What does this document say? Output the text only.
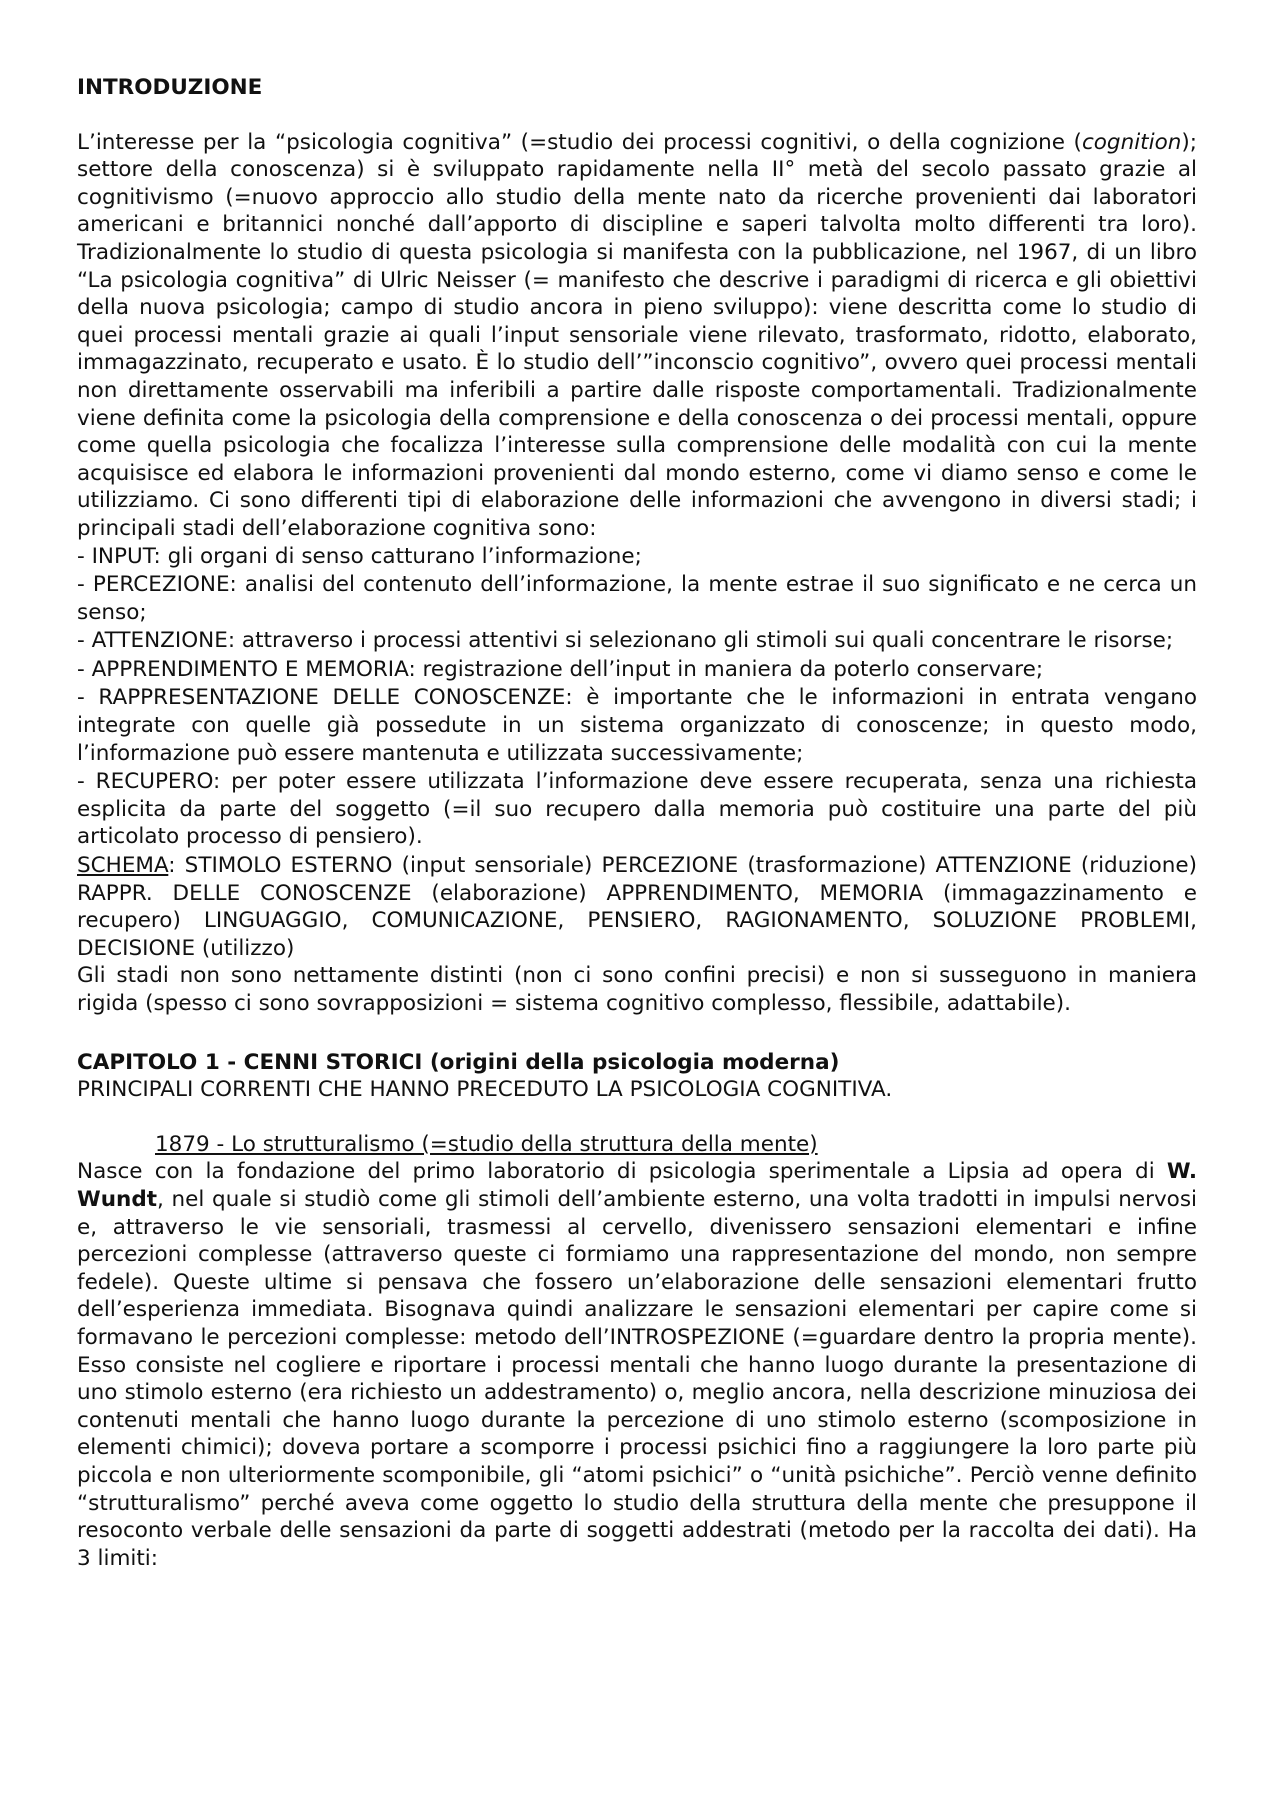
INTRODUZIONE

L’interesse per la “psicologia cognitiva” (=studio dei processi cognitivi, o della cognizione (cognition); settore della conoscenza) si è sviluppato rapidamente nella II° metà del secolo passato grazie al cognitivismo (=nuovo approccio allo studio della mente nato da ricerche provenienti dai laboratori americani e britannici nonché dall’apporto di discipline e saperi talvolta molto differenti tra loro). Tradizionalmente lo studio di questa psicologia si manifesta con la pubblicazione, nel 1967, di un libro “La psicologia cognitiva” di Ulric Neisser (= manifesto che descrive i paradigmi di ricerca e gli obiettivi della nuova psicologia; campo di studio ancora in pieno sviluppo): viene descritta come lo studio di quei processi mentali grazie ai quali l’input sensoriale viene rilevato, trasformato, ridotto, elaborato, immagazzinato, recuperato e usato. È lo studio dell’”inconscio cognitivo”, ovvero quei processi mentali non direttamente osservabili ma inferibili a partire dalle risposte comportamentali. Tradizionalmente viene definita come la psicologia della comprensione e della conoscenza o dei processi mentali, oppure come quella psicologia che focalizza l’interesse sulla comprensione delle modalità con cui la mente acquisisce ed elabora le informazioni provenienti dal mondo esterno, come vi diamo senso e come le utilizziamo. Ci sono differenti tipi di elaborazione delle informazioni che avvengono in diversi stadi; i principali stadi dell’elaborazione cognitiva sono:

- INPUT: gli organi di senso catturano l’informazione;

- PERCEZIONE: analisi del contenuto dell’informazione, la mente estrae il suo significato e ne cerca un senso;

- ATTENZIONE: attraverso i processi attentivi si selezionano gli stimoli sui quali concentrare le risorse;

- APPRENDIMENTO E MEMORIA: registrazione dell’input in maniera da poterlo conservare;

- RAPPRESENTAZIONE DELLE CONOSCENZE: è importante che le informazioni in entrata vengano integrate con quelle già possedute in un sistema organizzato di conoscenze; in questo modo, l’informazione può essere mantenuta e utilizzata successivamente;

- RECUPERO: per poter essere utilizzata l’informazione deve essere recuperata, senza una richiesta esplicita da parte del soggetto (=il suo recupero dalla memoria può costituire una parte del più articolato processo di pensiero).

SCHEMA: STIMOLO ESTERNO (input sensoriale) PERCEZIONE (trasformazione) ATTENZIONE (riduzione) RAPPR. DELLE CONOSCENZE (elaborazione) APPRENDIMENTO, MEMORIA (immagazzinamento e recupero) LINGUAGGIO, COMUNICAZIONE, PENSIERO, RAGIONAMENTO, SOLUZIONE PROBLEMI, DECISIONE (utilizzo)

Gli stadi non sono nettamente distinti (non ci sono confini precisi) e non si susseguono in maniera rigida (spesso ci sono sovrapposizioni = sistema cognitivo complesso, flessibile, adattabile).

CAPITOLO 1 - CENNI STORICI (origini della psicologia moderna)

PRINCIPALI CORRENTI CHE HANNO PRECEDUTO LA PSICOLOGIA COGNITIVA.

1879 - Lo strutturalismo (=studio della struttura della mente)

Nasce con la fondazione del primo laboratorio di psicologia sperimentale a Lipsia ad opera di W. Wundt, nel quale si studiò come gli stimoli dell’ambiente esterno, una volta tradotti in impulsi nervosi e, attraverso le vie sensoriali, trasmessi al cervello, divenissero sensazioni elementari e infine percezioni complesse (attraverso queste ci formiamo una rappresentazione del mondo, non sempre fedele). Queste ultime si pensava che fossero un’elaborazione delle sensazioni elementari frutto dell’esperienza immediata. Bisognava quindi analizzare le sensazioni elementari per capire come si formavano le percezioni complesse: metodo dell’INTROSPEZIONE (=guardare dentro la propria mente). Esso consiste nel cogliere e riportare i processi mentali che hanno luogo durante la presentazione di uno stimolo esterno (era richiesto un addestramento) o, meglio ancora, nella descrizione minuziosa dei contenuti mentali che hanno luogo durante la percezione di uno stimolo esterno (scomposizione in elementi chimici); doveva portare a scomporre i processi psichici fino a raggiungere la loro parte più piccola e non ulteriormente scomponibile, gli “atomi psichici” o “unità psichiche”. Perciò venne definito “strutturalismo” perché aveva come oggetto lo studio della struttura della mente che presuppone il resoconto verbale delle sensazioni da parte di soggetti addestrati (metodo per la raccolta dei dati). Ha 3 limiti:
